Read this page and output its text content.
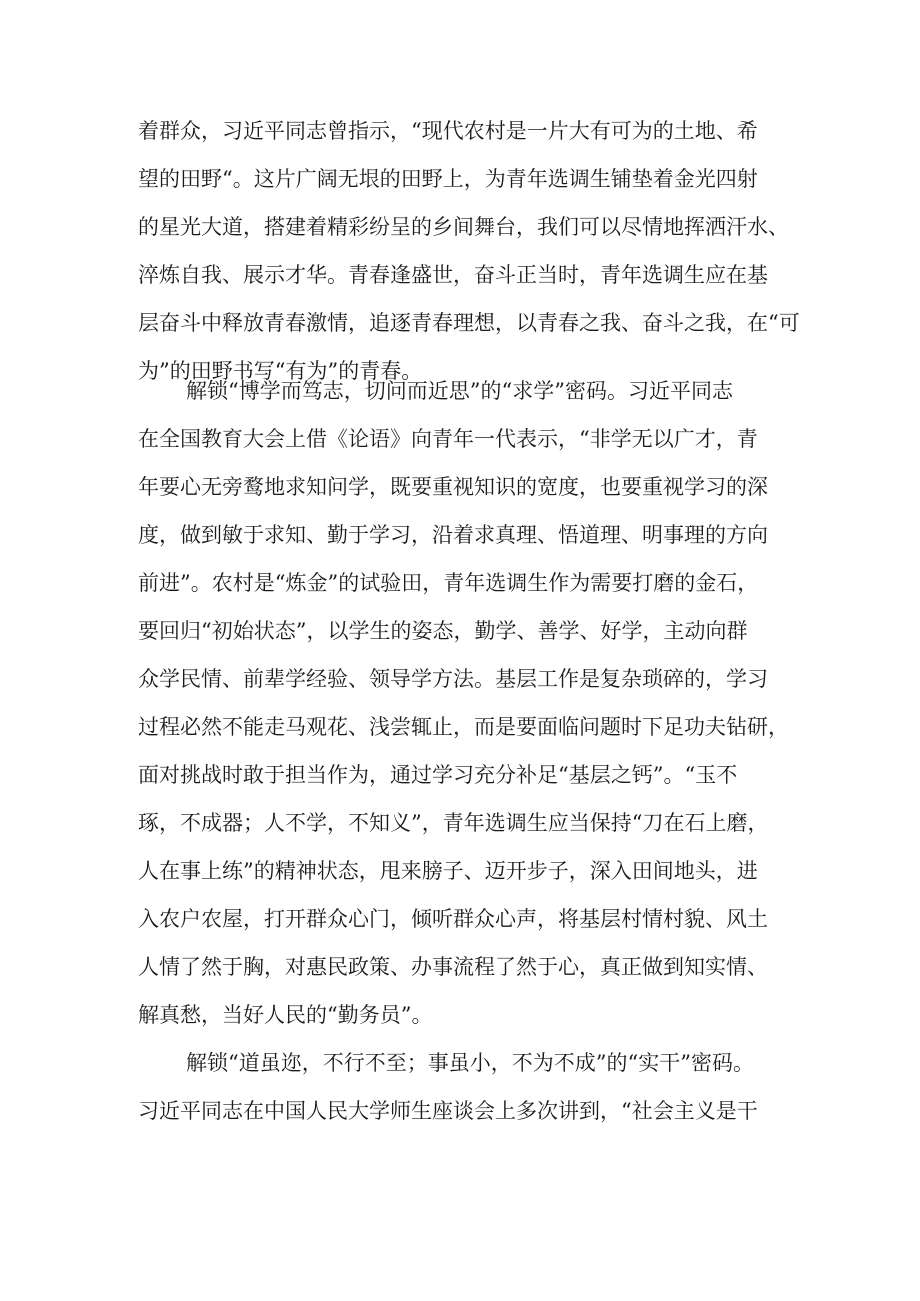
着群众，习近平同志曾指示，“现代农村是一片大有可为的土地、希
望的田野“。这片广阔无垠的田野上，为青年选调生铺垫着金光四射
的星光大道，搭建着精彩纷呈的乡间舞台，我们可以尽情地挥洒汗水、
淬炼自我、展示才华。青春逢盛世，奋斗正当时，青年选调生应在基
层奋斗中释放青春激情，追逐青春理想，以青春之我、奋斗之我，在“可
为”的田野书写“有为”的青春。
解锁“博学而笃志，切问而近思”的“求学”密码。习近平同志
在全国教育大会上借《论语》向青年一代表示，“非学无以广才，青
年要心无旁鹜地求知问学，既要重视知识的宽度，也要重视学习的深
度，做到敏于求知、勤于学习，沿着求真理、悟道理、明事理的方向
前进”。农村是“炼金”的试验田，青年选调生作为需要打磨的金石，
要回归“初始状态”，以学生的姿态，勤学、善学、好学，主动向群
众学民情、前辈学经验、领导学方法。基层工作是复杂琐碎的，学习
过程必然不能走马观花、浅尝辄止，而是要面临问题时下足功夫钻研，
面对挑战时敢于担当作为，通过学习充分补足“基层之钙”。“玉不
琢，不成器；人不学，不知义”，青年选调生应当保持“刀在石上磨，
人在事上练”的精神状态，甩来膀子、迈开步子，深入田间地头，进
入农户农屋，打开群众心门，倾听群众心声，将基层村情村貌、风土
人情了然于胸，对惠民政策、办事流程了然于心，真正做到知实情、
解真愁，当好人民的“勤务员”。
解锁“道虽迩，不行不至；事虽小，不为不成”的“实干”密码。
习近平同志在中国人民大学师生座谈会上多次讲到，“社会主义是干
